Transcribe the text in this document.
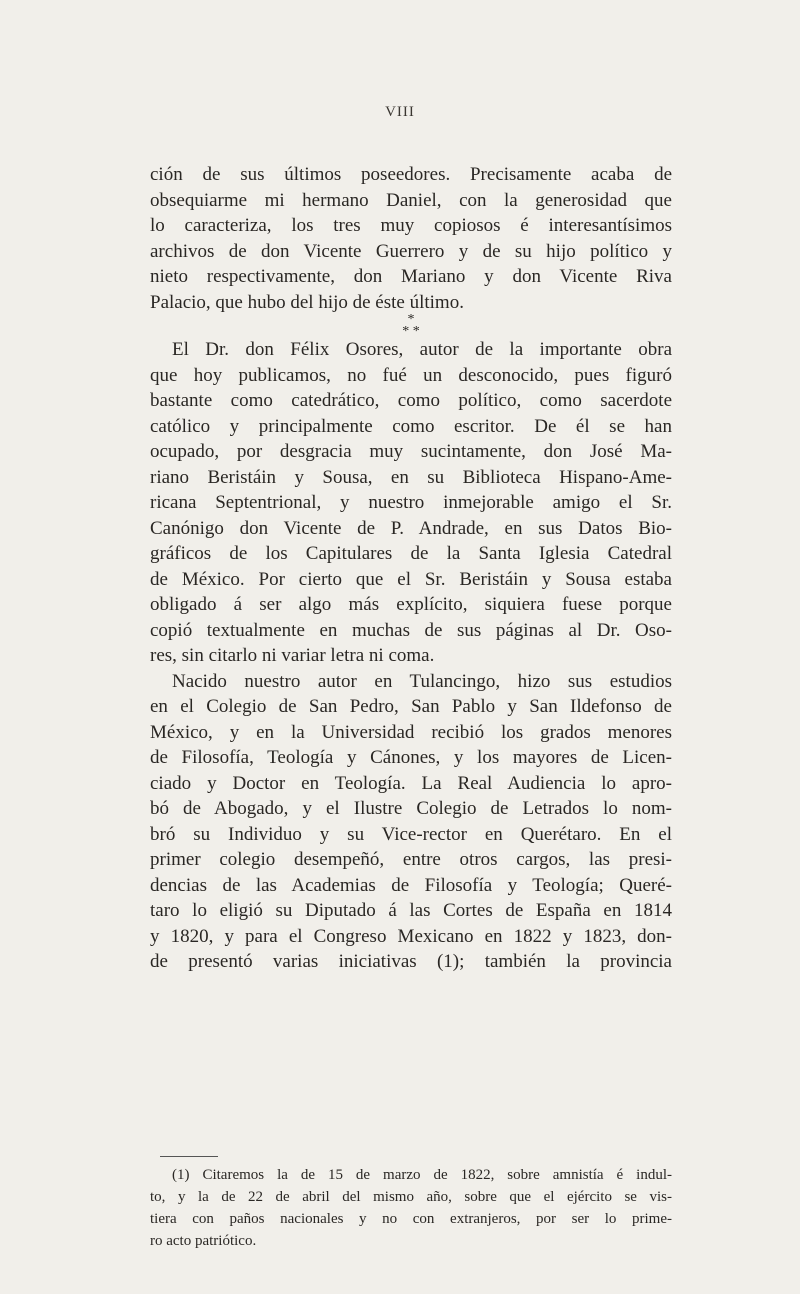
VIII
ción de sus últimos poseedores. Precisamente acaba de
obsequiarme mi hermano Daniel, con la generosidad que
lo caracteriza, los tres muy copiosos é interesantísimos
archivos de don Vicente Guerrero y de su hijo político y
nieto respectivamente, don Mariano y don Vicente Riva
Palacio, que hubo del hijo de éste último.
*
* *
El Dr. don Félix Osores, autor de la importante obra
que hoy publicamos, no fué un desconocido, pues figuró
bastante como catedrático, como político, como sacerdote
católico y principalmente como escritor. De él se han
ocupado, por desgracia muy sucintamente, don José Ma-
riano Beristáin y Sousa, en su Biblioteca Hispano-Ame-
ricana Septentrional, y nuestro inmejorable amigo el Sr.
Canónigo don Vicente de P. Andrade, en sus Datos Bio-
gráficos de los Capitulares de la Santa Iglesia Catedral
de México. Por cierto que el Sr. Beristáin y Sousa estaba
obligado á ser algo más explícito, siquiera fuese porque
copió textualmente en muchas de sus páginas al Dr. Oso-
res, sin citarlo ni variar letra ni coma.
Nacido nuestro autor en Tulancingo, hizo sus estudios
en el Colegio de San Pedro, San Pablo y San Ildefonso de
México, y en la Universidad recibió los grados menores
de Filosofía, Teología y Cánones, y los mayores de Licen-
ciado y Doctor en Teología. La Real Audiencia lo apro-
bó de Abogado, y el Ilustre Colegio de Letrados lo nom-
bró su Individuo y su Vice-rector en Querétaro. En el
primer colegio desempeñó, entre otros cargos, las presi-
dencias de las Academias de Filosofía y Teología; Queré-
taro lo eligió su Diputado á las Cortes de España en 1814
y 1820, y para el Congreso Mexicano en 1822 y 1823, don-
de presentó varias iniciativas (1); también la provincia
(1) Citaremos la de 15 de marzo de 1822, sobre amnistía é indul-
to, y la de 22 de abril del mismo año, sobre que el ejército se vis-
tiera con paños nacionales y no con extranjeros, por ser lo prime-
ro acto patriótico.
